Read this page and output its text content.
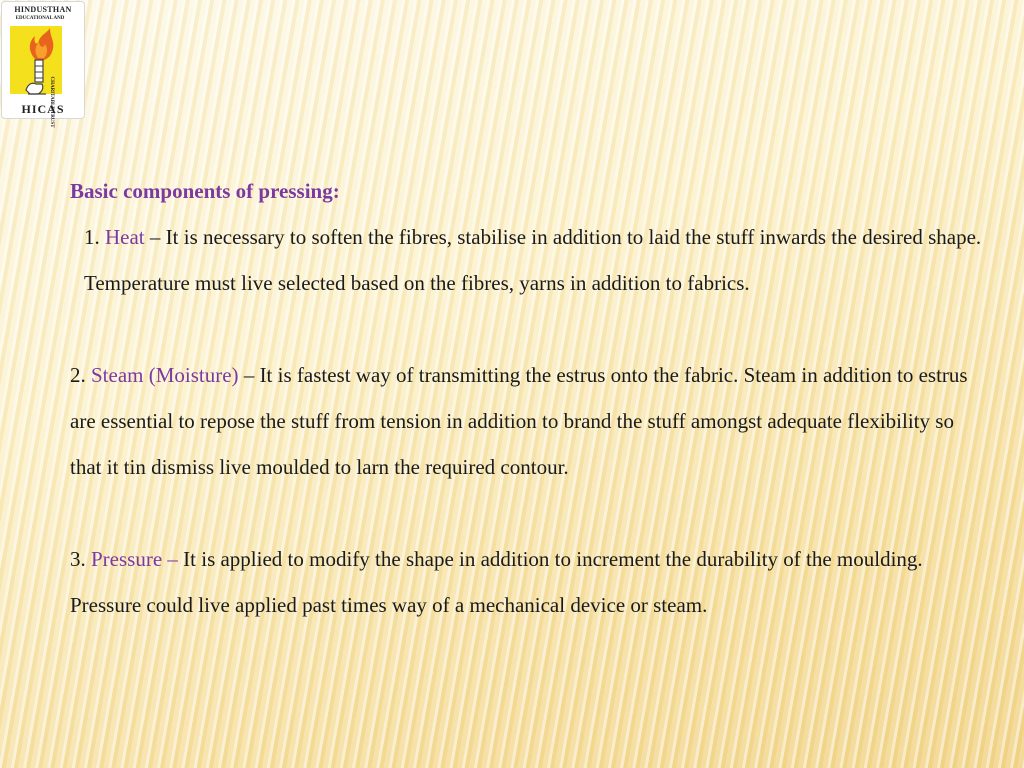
HINDUSTHAN
EDUCATIONAL AND
CHARITABLE TRUST
HICAS

Basic components of pressing:

1. Heat – It is necessary to soften the fibres, stabilise in addition to laid the stuff inwards the desired shape. Temperature must live selected based on the fibres, yarns in addition to fabrics.

2. Steam (Moisture) – It is fastest way of transmitting the estrus onto the fabric. Steam in addition to estrus are essential to repose the stuff from tension in addition to brand the stuff amongst adequate flexibility so that it tin dismiss live moulded to larn the required contour.

3. Pressure – It is applied to modify the shape in addition to increment the durability of the moulding. Pressure could live applied past times way of a mechanical device or steam.
